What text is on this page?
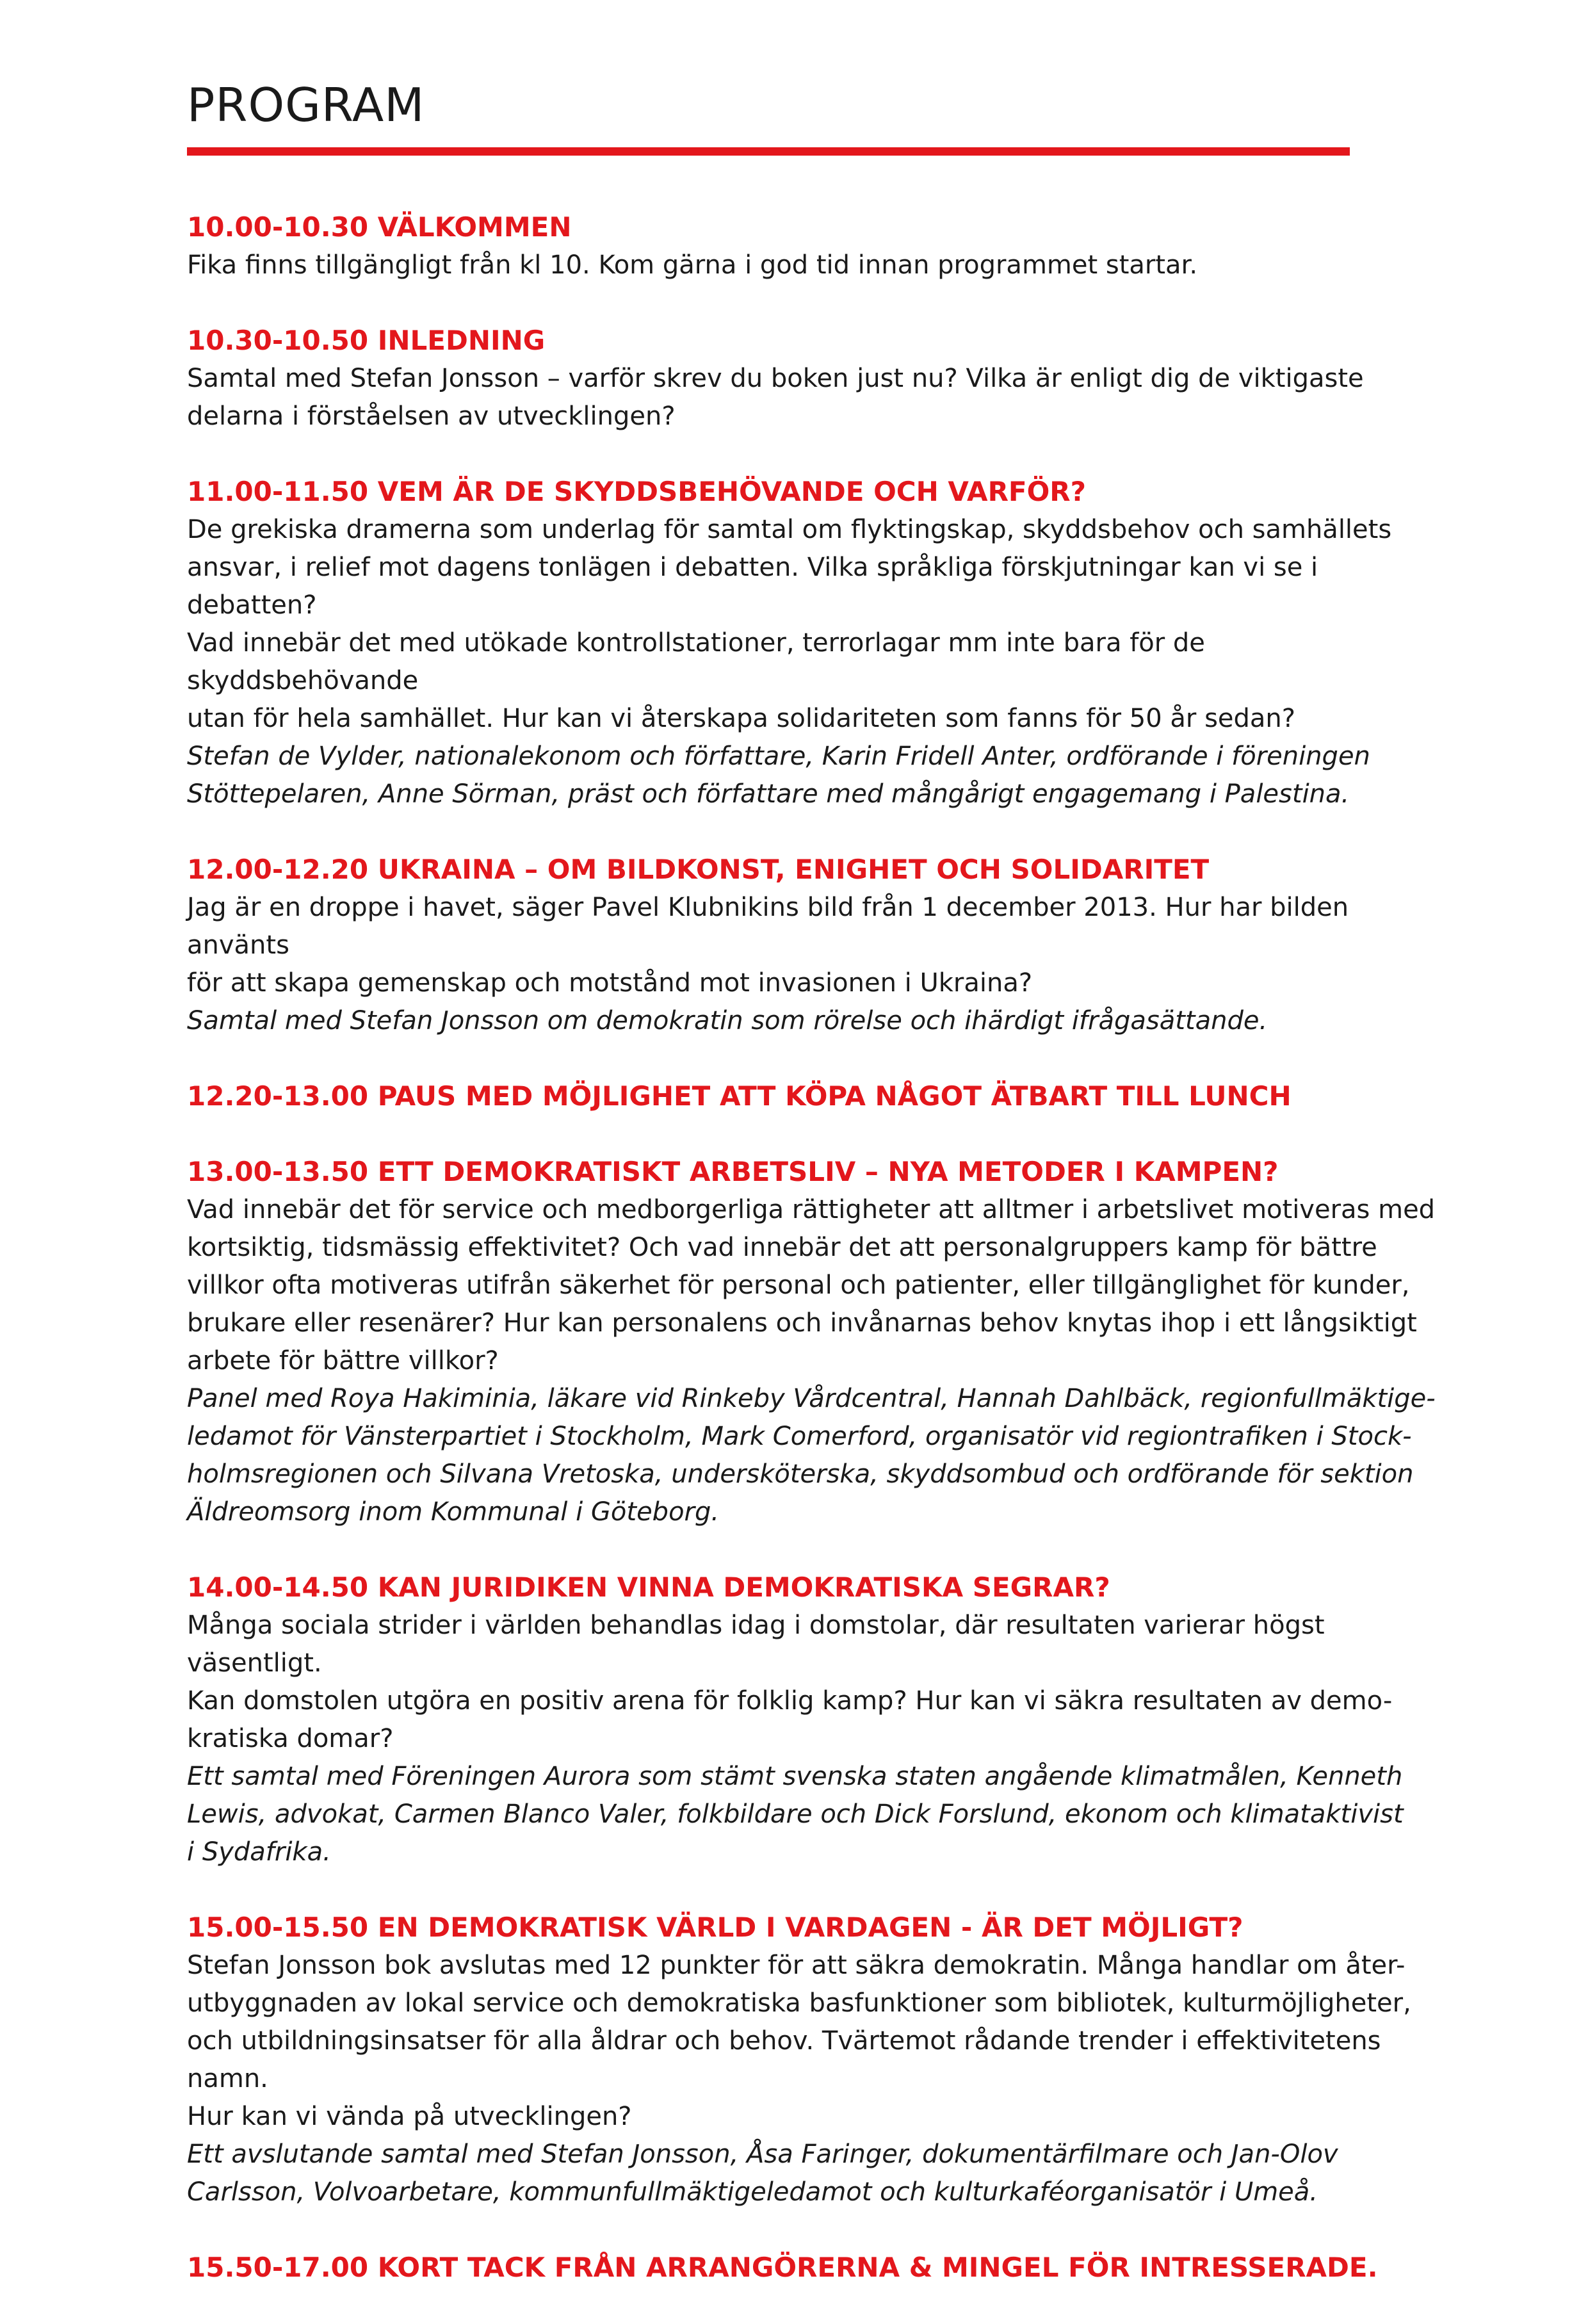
PROGRAM
10.00-10.30 VÄLKOMMEN
Fika finns tillgängligt från kl 10. Kom gärna i god tid innan programmet startar.
10.30-10.50 INLEDNING
Samtal med Stefan Jonsson – varför skrev du boken just nu? Vilka är enligt dig de viktigaste
delarna i förståelsen av utvecklingen?
11.00-11.50 VEM ÄR DE SKYDDSBEHÖVANDE OCH VARFÖR?
De grekiska dramerna som underlag för samtal om flyktingskap, skyddsbehov och samhällets
ansvar, i relief mot dagens tonlägen i debatten. Vilka språkliga förskjutningar kan vi se i debatten?
Vad innebär det med utökade kontrollstationer, terrorlagar mm inte bara för de skyddsbehövande
utan för hela samhället. Hur kan vi återskapa solidariteten som fanns för 50 år sedan?
Stefan de Vylder, nationalekonom och författare, Karin Fridell Anter, ordförande i föreningen
Stöttepelaren, Anne Sörman, präst och författare med mångårigt engagemang i Palestina.
12.00-12.20 UKRAINA – OM BILDKONST, ENIGHET OCH SOLIDARITET
Jag är en droppe i havet, säger Pavel Klubnikins bild från 1 december 2013. Hur har bilden använts
för att skapa gemenskap och motstånd mot invasionen i Ukraina?
Samtal med Stefan Jonsson om demokratin som rörelse och ihärdigt ifrågasättande.
12.20-13.00 PAUS MED MÖJLIGHET ATT KÖPA NÅGOT ÄTBART TILL LUNCH
13.00-13.50 ETT DEMOKRATISKT ARBETSLIV – NYA METODER I KAMPEN?
Vad innebär det för service och medborgerliga rättigheter att alltmer i arbetslivet motiveras med
kortsiktig, tidsmässig effektivitet? Och vad innebär det att personalgruppers kamp för bättre
villkor ofta motiveras utifrån säkerhet för personal och patienter, eller tillgänglighet för kunder,
brukare eller resenärer? Hur kan personalens och invånarnas behov knytas ihop i ett långsiktigt
arbete för bättre villkor?
Panel med Roya Hakiminia, läkare vid Rinkeby Vårdcentral, Hannah Dahlbäck, regionfullmäktige-
ledamot för Vänsterpartiet i Stockholm, Mark Comerford, organisatör vid regiontrafiken i Stock-
holmsregionen och Silvana Vretoska, undersköterska, skyddsombud och ordförande för sektion
Äldreomsorg inom Kommunal i Göteborg.
14.00-14.50 KAN JURIDIKEN VINNA DEMOKRATISKA SEGRAR?
Många sociala strider i världen behandlas idag i domstolar, där resultaten varierar högst väsentligt.
Kan domstolen utgöra en positiv arena för folklig kamp? Hur kan vi säkra resultaten av demo-
kratiska domar?
Ett samtal med Föreningen Aurora som stämt svenska staten angående klimatmålen, Kenneth
Lewis, advokat, Carmen Blanco Valer, folkbildare och Dick Forslund, ekonom och klimataktivist
i Sydafrika.
15.00-15.50 EN DEMOKRATISK VÄRLD I VARDAGEN - ÄR DET MÖJLIGT?
Stefan Jonsson bok avslutas med 12 punkter för att säkra demokratin. Många handlar om åter-
utbyggnaden av lokal service och demokratiska basfunktioner som bibliotek, kulturmöjligheter,
och utbildningsinsatser för alla åldrar och behov. Tvärtemot rådande trender i effektivitetens namn.
Hur kan vi vända på utvecklingen?
Ett avslutande samtal med Stefan Jonsson, Åsa Faringer, dokumentärfilmare och Jan-Olov
Carlsson, Volvoarbetare, kommunfullmäktigeledamot och kulturkaféorganisatör i Umeå.
15.50-17.00 KORT TACK FRÅN ARRANGÖRERNA & MINGEL FÖR INTRESSERADE.
